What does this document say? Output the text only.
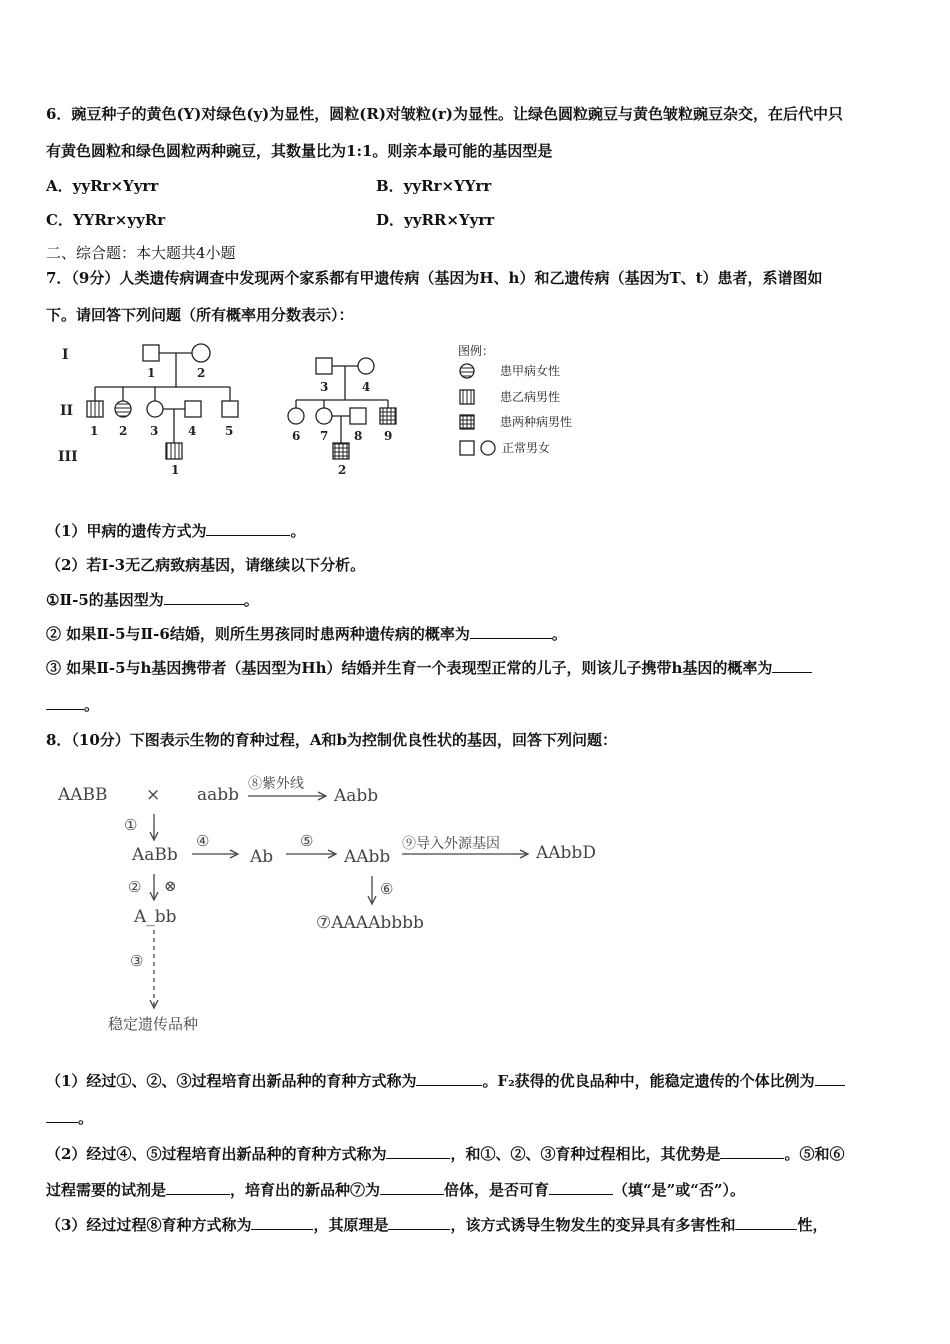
6．豌豆种子的黄色(Y)对绿色(y)为显性，圆粒(R)对皱粒(r)为显性。让绿色圆粒豌豆与黄色皱粒豌豆杂交，在后代中只
有黄色圆粒和绿色圆粒两种豌豆，其数量比为1:1。则亲本最可能的基因型是
A．yyRr×Yyrr	B．yyRr×YYrr
C．YYRr×yyRr	D．yyRR×Yyrr
二、综合题：本大题共4小题
7．（9分）人类遗传病调查中发现两个家系都有甲遗传病（基因为H、h）和乙遗传病（基因为T、t）患者，系谱图如
下。请回答下列问题（所有概率用分数表示）：
I
II
III
1	2
1 2 3 4 5
1
3	4
6 7 8 9
2
图例：
患甲病女性
患乙病男性
患两种病男性
正常男女
（1）甲病的遗传方式为	。
（2）若I-3无乙病致病基因，请继续以下分析。
①Ⅱ-5的基因型为	。
② 如果Ⅱ-5与Ⅱ-6结婚，则所生男孩同时患两种遗传病的概率为	。
③ 如果Ⅱ-5与h基因携带者（基因型为Hh）结婚并生育一个表现型正常的儿子，则该儿子携带h基因的概率为
。
8．（10分）下图表示生物的育种过程，A和b为控制优良性状的基因，回答下列问题：
AABB × aabb
⑧紫外线
Aabb
①
AaBb
④
Ab
⑤
AAbb
⑨导入外源基因 AAbbD
② ⊗
A_bb
⑥
⑦AAAAbbbb
③
稳定遗传品种
（1）经过①、②、③过程培育出新品种的育种方式称为	。F₂获得的优良品种中，能稳定遗传的个体比例为
。
（2）经过④、⑤过程培育出新品种的育种方式称为	，和①、②、③育种过程相比，其优势是	。⑤和⑥
过程需要的试剂是	，培育出的新品种⑦为	倍体，是否可育	（填“是”或“否”）。
（3）经过过程⑧育种方式称为	，其原理是	，该方式诱导生物发生的变异具有多害性和	性，
